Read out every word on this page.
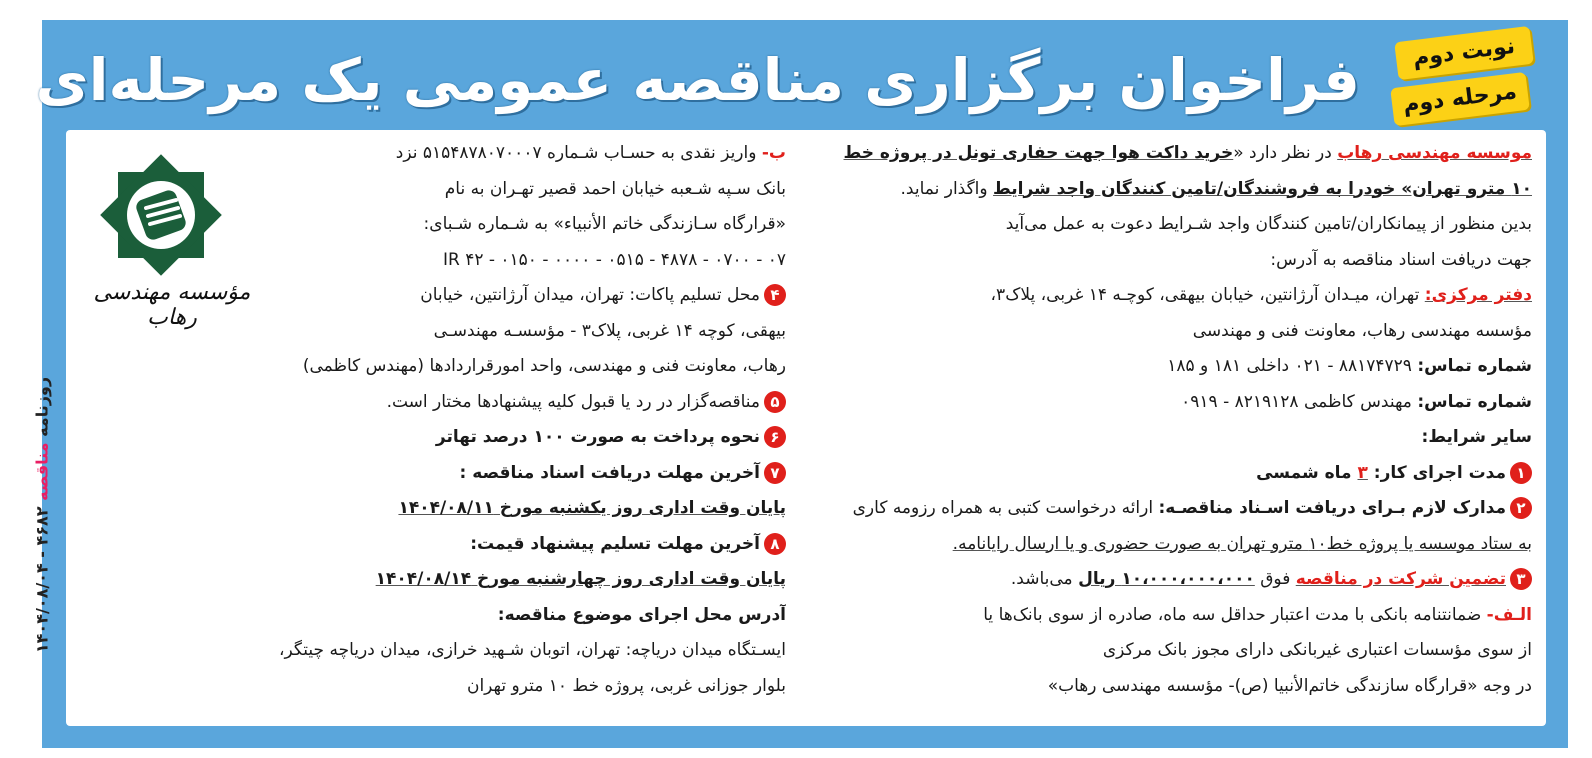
فراخوان برگزاری مناقصه عمومی یک مرحله‌ای	نوبت دوم
مرحله دوم
موسسه مهندسی رهاب در نظر دارد «خرید داکت هوا جهت حفاری تونل در پروژه خط
۱۰ مترو تهران» خودرا به فروشندگان/تامین کنندگان واجد شرایط واگذار نماید.
بدین منظور از پیمانکاران/تامین کنندگان واجد شـرایط دعوت به عمل می‌آید
جهت دریافت اسناد مناقصه به آدرس:
دفتر مرکزی: تهران، میـدان آرژانتین، خیابان بیهقی، کوچـه ۱۴ غربی، پلاک۳،
مؤسسه مهندسی رهاب، معاونت فنی و مهندسی
شماره تماس: ۸۸۱۷۴۷۲۹ - ۰۲۱ داخلی ۱۸۱ و ۱۸۵
شماره تماس: مهندس کاظمی ۸۲۱۹۱۲۸ - ۰۹۱۹
سایر شرایط:
۱مدت اجرای کار: ۳ ماه شمسی
۲مدارک لازم بـرای دریافت اسـناد مناقصـه: ارائه درخواست کتبی به همراه رزومه کاری
به ستاد موسسه یا پروژه خط۱۰ مترو تهران به صورت حضوری و یا ارسال رایانامه.
۳تضمین شرکت در مناقصه فوق ۱۰،۰۰۰،۰۰۰،۰۰۰ ریال می‌باشد.
الـف- ضمانتنامه بانکی با مدت اعتبار حداقل سه ماه، صادره از سوی بانک‌ها یا
از سوی مؤسسات اعتباری غیربانکی دارای مجوز بانک مرکزی
در وجه «قرارگاه سازندگی خاتم‌الأنبیا (ص)- مؤسسه مهندسی رهاب»
ب- واریز نقدی به حسـاب شـماره ۵۱۵۴۸۷۸۰۷۰۰۰۷ نزد
بانک سـپه شـعبه خیابان احمد قصیر تهـران به نام
«قرارگاه سـازندگی خاتم الأنبیاء» به شـماره شـبای:
IR ۴۲ - ۰۱۵۰ - ۰۰۰۰ - ۰۵۱۵ - ۴۸۷۸ - ۰۷۰۰ - ۰۷
۴محل تسلیم پاکات: تهران، میدان آرژانتین، خیابان
بیهقی، کوچه ۱۴ غربی، پلاک۳ - مؤسسـه مهندسـی
رهاب، معاونت فنی و مهندسی، واحد امورقراردادها (مهندس کاظمی)
۵مناقصه‌گزار در رد یا قبول کلیه پیشنهادها مختار است.
۶نحوه پرداخت به صورت ۱۰۰ درصد تهاتر
۷آخرین مهلت دریافت اسناد مناقصه :
پایان وقت اداری روز یکشنبه مورخ ۱۴۰۴/۰۸/۱۱
۸آخرین مهلت تسلیم پیشنهاد قیمت:
پایان وقت اداری روز چهارشنبه مورخ ۱۴۰۴/۰۸/۱۴
آدرس محل اجرای موضوع مناقصه:
ایسـتگاه میدان دریاچه: تهران، اتوبان شـهید خرازی، میدان دریاچه چیتگر،
بلوار جوزانی غربی، پروژه خط ۱۰ مترو تهران
مؤسسه مهندسی رهاب
روزنامه مناقصه ۴۶۸۲ - ۱۴۰۴/۰۸/۰۴
